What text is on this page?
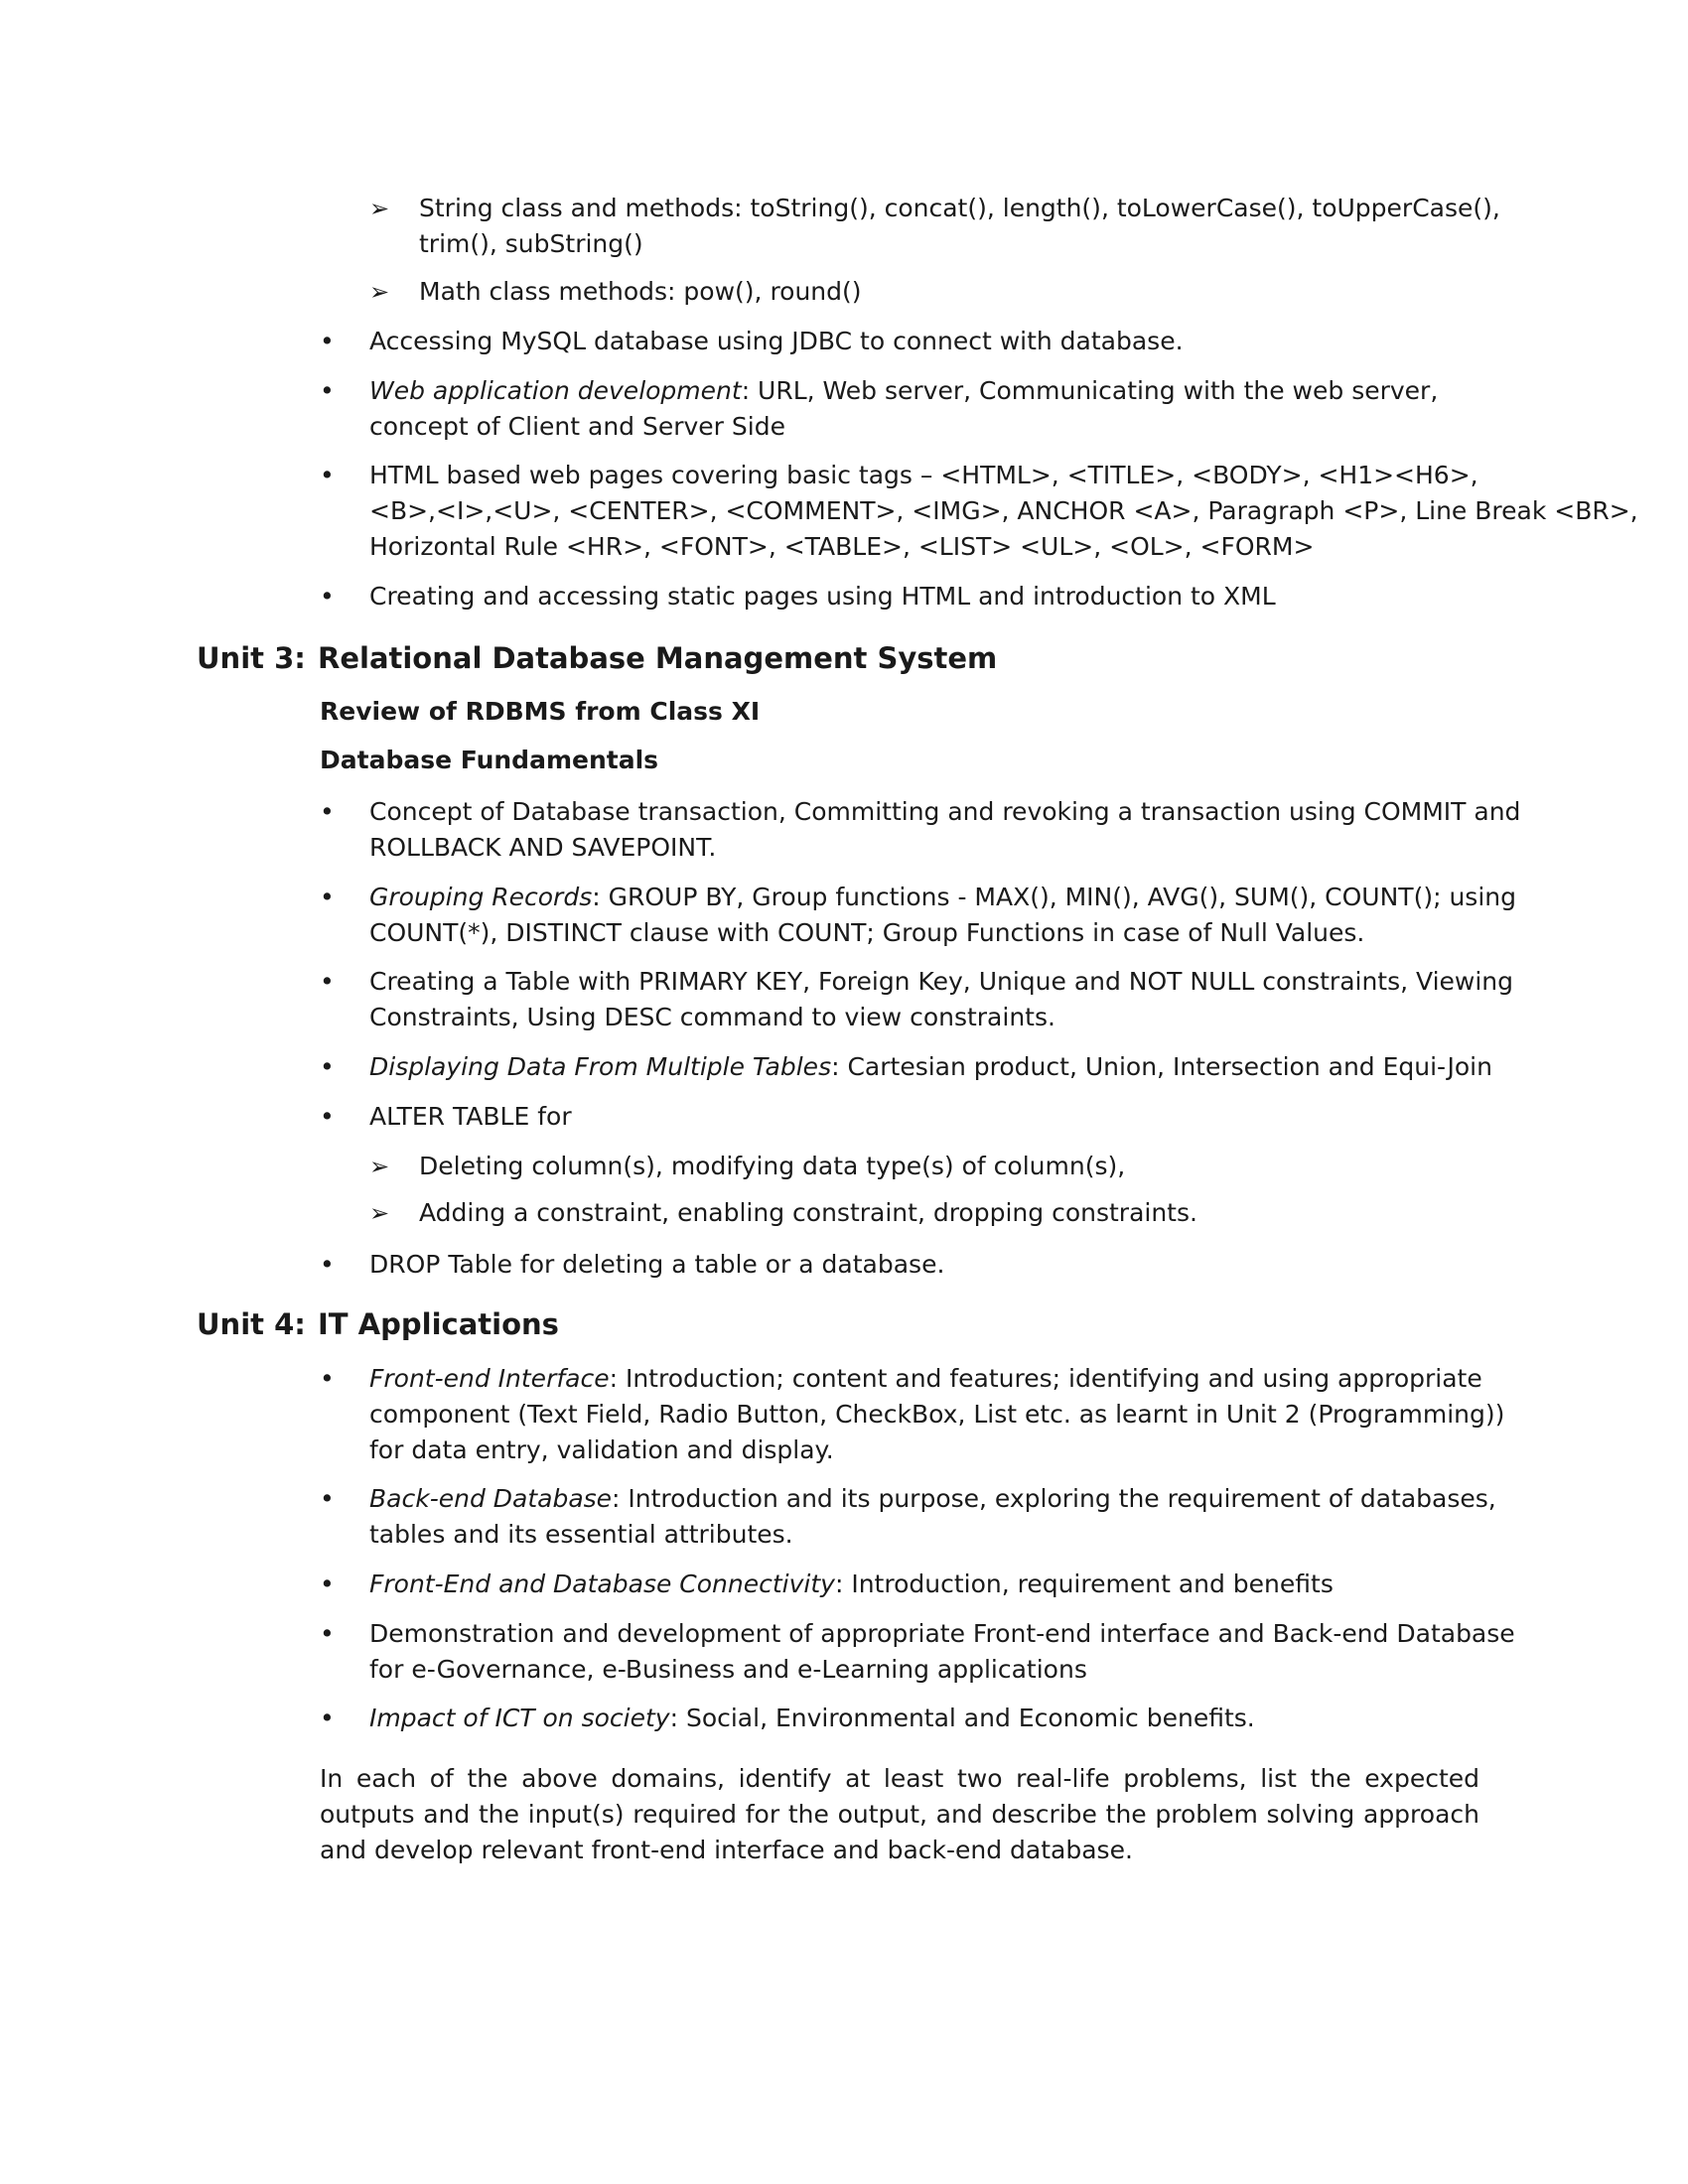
➢ String class and methods: toString(), concat(), length(), toLowerCase(), toUpperCase(),
trim(), subString()
➢ Math class methods: pow(), round()
• Accessing MySQL database using JDBC to connect with database.
• Web application development: URL, Web server, Communicating with the web server,
concept of Client and Server Side
• HTML based web pages covering basic tags – <HTML>, <TITLE>, <BODY>, <H1><H6>,
<B>,<I>,<U>, <CENTER>, <COMMENT>, <IMG>, ANCHOR <A>, Paragraph <P>, Line Break <BR>,
Horizontal Rule <HR>, <FONT>, <TABLE>, <LIST> <UL>, <OL>, <FORM>
• Creating and accessing static pages using HTML and introduction to XML
Unit 3: Relational Database Management System
Review of RDBMS from Class XI
Database Fundamentals
• Concept of Database transaction, Committing and revoking a transaction using COMMIT and
ROLLBACK AND SAVEPOINT.
• Grouping Records: GROUP BY, Group functions - MAX(), MIN(), AVG(), SUM(), COUNT(); using
COUNT(*), DISTINCT clause with COUNT; Group Functions in case of Null Values.
• Creating a Table with PRIMARY KEY, Foreign Key, Unique and NOT NULL constraints, Viewing
Constraints, Using DESC command to view constraints.
• Displaying Data From Multiple Tables: Cartesian product, Union, Intersection and Equi-Join
• ALTER TABLE for
➢ Deleting column(s), modifying data type(s) of column(s),
➢ Adding a constraint, enabling constraint, dropping constraints.
• DROP Table for deleting a table or a database.
Unit 4: IT Applications
• Front-end Interface: Introduction; content and features; identifying and using appropriate
component (Text Field, Radio Button, CheckBox, List etc. as learnt in Unit 2 (Programming))
for data entry, validation and display.
• Back-end Database: Introduction and its purpose, exploring the requirement of databases,
tables and its essential attributes.
• Front-End and Database Connectivity: Introduction, requirement and benefits
• Demonstration and development of appropriate Front-end interface and Back-end Database
for e-Governance, e-Business and e-Learning applications
• Impact of ICT on society: Social, Environmental and Economic benefits.
In each of the above domains, identify at least two real-life problems, list the expected outputs and the input(s) required for the output, and describe the problem solving approach and develop relevant front-end interface and back-end database.
